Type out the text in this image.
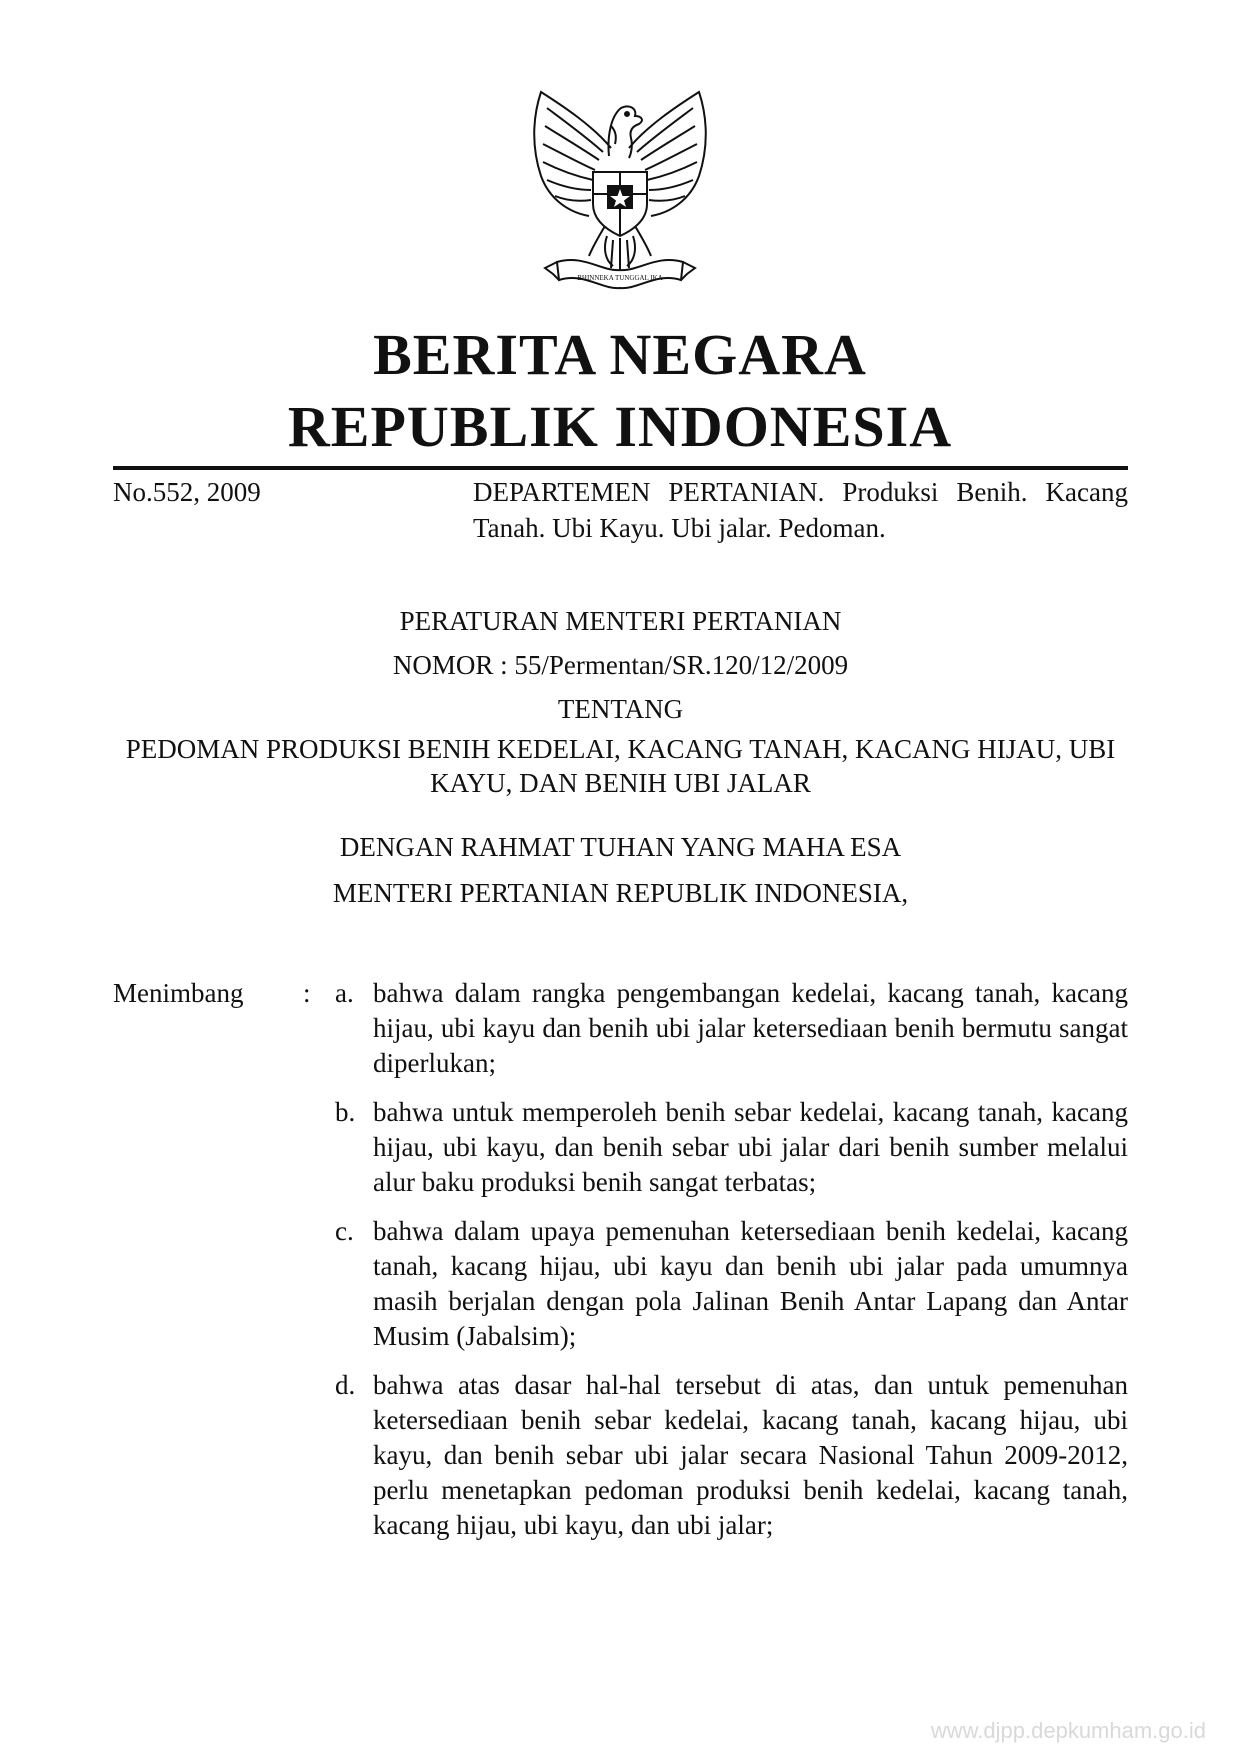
BHINNEKA TUNGGAL IKA
BERITA NEGARA
REPUBLIK INDONESIA
No.552, 2009	DEPARTEMEN PERTANIAN. Produksi Benih. Kacang Tanah. Ubi Kayu. Ubi jalar. Pedoman.
PERATURAN MENTERI PERTANIAN
NOMOR : 55/Permentan/SR.120/12/2009
TENTANG
PEDOMAN PRODUKSI BENIH KEDELAI, KACANG TANAH, KACANG HIJAU, UBI KAYU, DAN BENIH UBI JALAR
DENGAN RAHMAT TUHAN YANG MAHA ESA
MENTERI PERTANIAN REPUBLIK INDONESIA,
Menimbang : a. bahwa dalam rangka pengembangan kedelai, kacang tanah, kacang hijau, ubi kayu dan benih ubi jalar ketersediaan benih bermutu sangat diperlukan;
b. bahwa untuk memperoleh benih sebar kedelai, kacang tanah, kacang hijau, ubi kayu, dan benih sebar ubi jalar dari benih sumber melalui alur baku produksi benih sangat terbatas;
c. bahwa dalam upaya pemenuhan ketersediaan benih kedelai, kacang tanah, kacang hijau, ubi kayu dan benih ubi jalar pada umumnya masih berjalan dengan pola Jalinan Benih Antar Lapang dan Antar Musim (Jabalsim);
d. bahwa atas dasar hal-hal tersebut di atas, dan untuk pemenuhan ketersediaan benih sebar kedelai, kacang tanah, kacang hijau, ubi kayu, dan benih sebar ubi jalar secara Nasional Tahun 2009-2012, perlu menetapkan pedoman produksi benih kedelai, kacang tanah, kacang hijau, ubi kayu, dan ubi jalar;
www.djpp.depkumham.go.id
